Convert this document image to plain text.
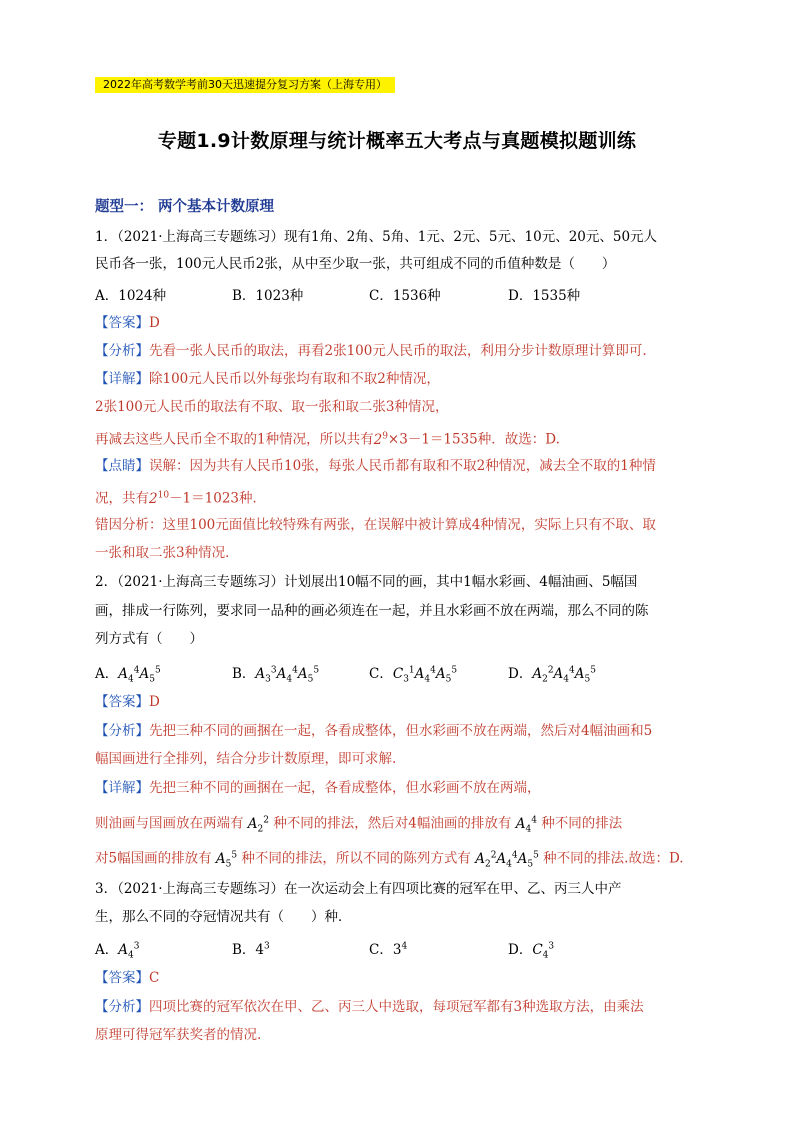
2022年高考数学考前30天迅速提分复习方案（上海专用）
专题1.9计数原理与统计概率五大考点与真题模拟题训练
题型一： 两个基本计数原理
1．（2021·上海高三专题练习）现有1角、2角、5角、1元、2元、5元、10元、20元、50元人
民币各一张，100元人民币2张，从中至少取一张，共可组成不同的币值种数是（　　）
A．1024种	B．1023种	C．1536种	D．1535种
【答案】D
【分析】先看一张人民币的取法，再看2张100元人民币的取法，利用分步计数原理计算即可.
【详解】除100元人民币以外每张均有取和不取2种情况，
2张100元人民币的取法有不取、取一张和取二张3种情况，
再减去这些人民币全不取的1种情况，所以共有$2^9\times 3-1=1535$种．故选：D.
【点睛】误解：因为共有人民币10张，每张人民币都有取和不取2种情况，减去全不取的1种情
况，共有$2^{10}-1=1023$种．
错因分析：这里100元面值比较特殊有两张，在误解中被计算成4种情况，实际上只有不取、取
一张和取二张3种情况．
2．（2021·上海高三专题练习）计划展出10幅不同的画，其中1幅水彩画、4幅油画、5幅国
画，排成一行陈列，要求同一品种的画必须连在一起，并且水彩画不放在两端，那么不同的陈
列方式有（　　）
A．$A_4^4A_5^5$	B．$A_3^3A_4^4A_5^5$	C．$C_3^1A_4^4A_5^5$	D．$A_2^2A_4^4A_5^5$
【答案】D
【分析】先把三种不同的画捆在一起，各看成整体，但水彩画不放在两端，然后对4幅油画和5
幅国画进行全排列，结合分步计数原理，即可求解.
【详解】先把三种不同的画捆在一起，各看成整体，但水彩画不放在两端，
则油画与国画放在两端有 $A_2^2$ 种不同的排法，然后对4幅油画的排放有 $A_4^4$ 种不同的排法
对5幅国画的排放有 $A_5^5$ 种不同的排法，所以不同的陈列方式有 $A_2^2A_4^4A_5^5$ 种不同的排法.故选：D.
3．（2021·上海高三专题练习）在一次运动会上有四项比赛的冠军在甲、乙、丙三人中产
生，那么不同的夺冠情况共有（　　）种．
A．$A_4^3$	B．$4^3$	C．$3^4$	D．$C_4^3$
【答案】C
【分析】四项比赛的冠军依次在甲、乙、丙三人中选取，每项冠军都有3种选取方法，由乘法
原理可得冠军获奖者的情况.
